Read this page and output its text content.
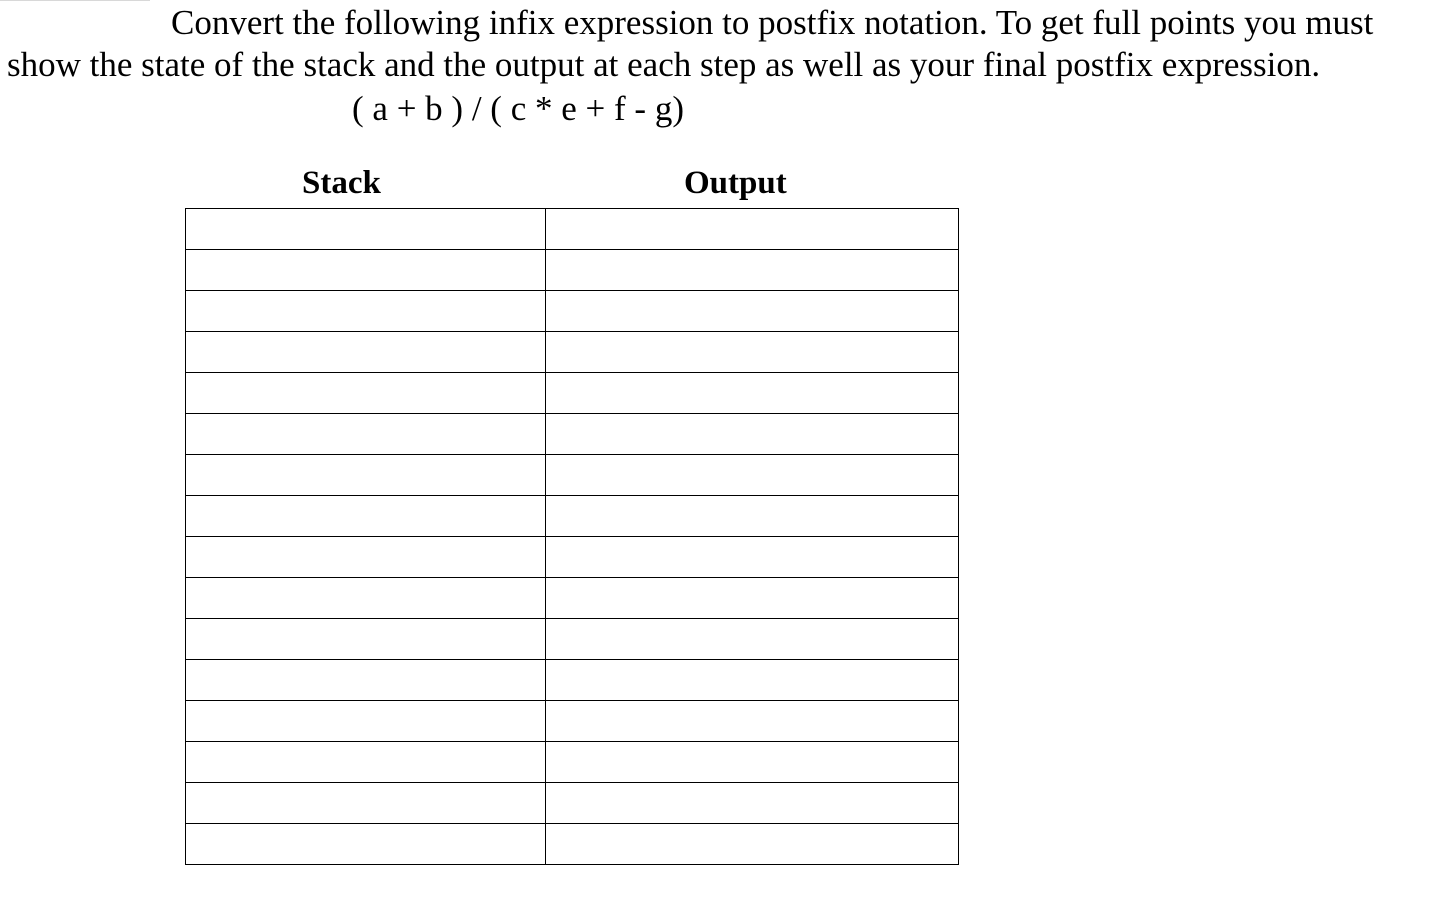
Convert the following infix expression to postfix notation. To get full points you must
show the state of the stack and the output at each step as well as your final postfix expression.
( a + b ) / ( c * e + f - g)
Stack	Output
